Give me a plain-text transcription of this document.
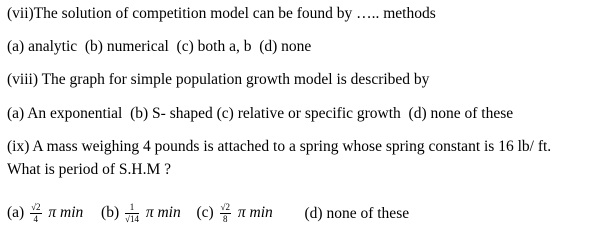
(vii)The solution of competition model can be found by ….. methods
(a) analytic  (b) numerical  (c) both a, b  (d) none
(viii) The graph for simple population growth model is described by
(a) An exponential  (b) S- shaped (c) relative or specific growth  (d) none of these
(ix) A mass weighing 4 pounds is attached to a spring whose spring constant is 16 lb/ ft.
What is period of S.H.M ?
$(a) \frac{√2}{4}$ π $\min (b) \frac{1}{√14}$ π $\min (c) \frac{√2}{8}$ π min (d) none of these
